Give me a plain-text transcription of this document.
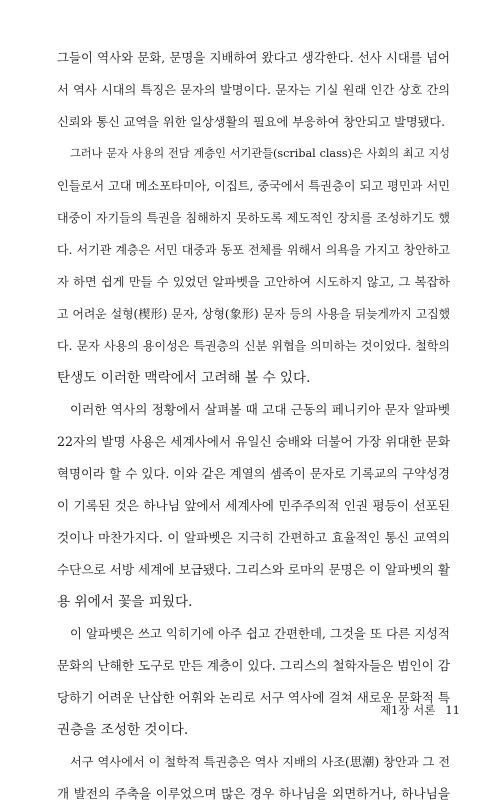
그들이 역사와 문화, 문명을 지배하여 왔다고 생각한다. 선사 시대를 넘어
서 역사 시대의 특징은 문자의 발명이다. 문자는 기실 원래 인간 상호 간의
신뢰와 통신 교역을 위한 일상생활의 필요에 부응하여 창안되고 발명됐다.
그러나 문자 사용의 전담 계층인 서기관들(scribal class)은 사회의 최고 지성
인들로서 고대 메소포타미아, 이집트, 중국에서 특권층이 되고 평민과 서민
대중이 자기들의 특권을 침해하지 못하도록 제도적인 장치를 조성하기도 했
다. 서기관 계층은 서민 대중과 동포 전체를 위해서 의욕을 가지고 창안하고
자 하면 쉽게 만들 수 있었던 알파벳을 고안하여 시도하지 않고, 그 복잡하
고 어려운 설형(楔形) 문자, 상형(象形) 문자 등의 사용을 뒤늦게까지 고집했
다. 문자 사용의 용이성은 특권층의 신분 위협을 의미하는 것이었다. 철학의
탄생도 이러한 맥락에서 고려해 볼 수 있다.
이러한 역사의 정황에서 살펴볼 때 고대 근동의 페니키아 문자 알파벳
22자의 발명 사용은 세계사에서 유일신 숭배와 더불어 가장 위대한 문화
혁명이라 할 수 있다. 이와 같은 계열의 셈족이 문자로 기록교의 구약성경
이 기록된 것은 하나님 앞에서 세계사에 민주주의적 인권 평등이 선포된
것이나 마찬가지다. 이 알파벳은 지극히 간편하고 효율적인 통신 교역의
수단으로 서방 세계에 보급됐다. 그리스와 로마의 문명은 이 알파벳의 활
용 위에서 꽃을 피웠다.
이 알파벳은 쓰고 익히기에 아주 쉽고 간편한데, 그것을 또 다른 지성적
문화의 난해한 도구로 만든 계층이 있다. 그리스의 철학자들은 범인이 감
당하기 어려운 난삽한 어휘와 논리로 서구 역사에 걸쳐 새로운 문화적 특
권층을 조성한 것이다.
서구 역사에서 이 철학적 특권층은 역사 지배의 사조(思潮) 창안과 그 전
개 발전의 주축을 이루었으며 많은 경우 하나님을 외면하거나, 하나님을
제1장 서론 11
